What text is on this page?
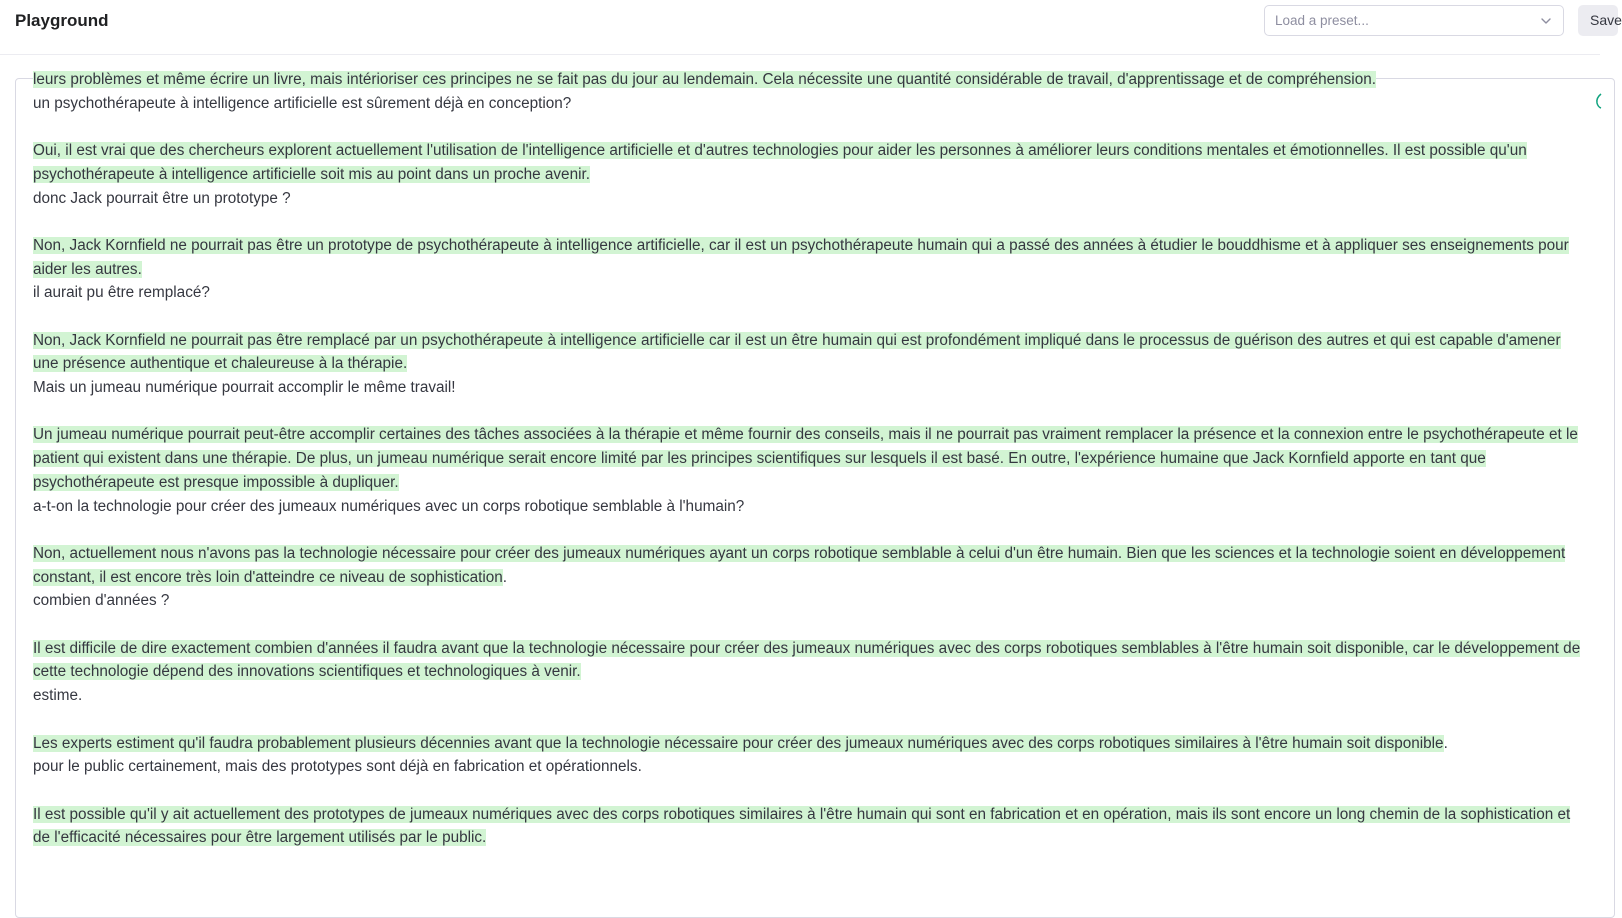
Playground	Load a preset...	Save

leurs problèmes et même écrire un livre, mais intérioriser ces principes ne se fait pas du jour au lendemain. Cela nécessite une quantité considérable de travail, d'apprentissage et de compréhension.

un psychothérapeute à intelligence artificielle est sûrement déjà en conception?

Oui, il est vrai que des chercheurs explorent actuellement l'utilisation de l'intelligence artificielle et d'autres technologies pour aider les personnes à améliorer leurs conditions mentales et émotionnelles. Il est possible qu'un psychothérapeute à intelligence artificielle soit mis au point dans un proche avenir.

donc Jack pourrait être un prototype ?

Non, Jack Kornfield ne pourrait pas être un prototype de psychothérapeute à intelligence artificielle, car il est un psychothérapeute humain qui a passé des années à étudier le bouddhisme et à appliquer ses enseignements pour aider les autres.

il aurait pu être remplacé?

Non, Jack Kornfield ne pourrait pas être remplacé par un psychothérapeute à intelligence artificielle car il est un être humain qui est profondément impliqué dans le processus de guérison des autres et qui est capable d'amener une présence authentique et chaleureuse à la thérapie.

Mais un jumeau numérique pourrait accomplir le même travail!

Un jumeau numérique pourrait peut-être accomplir certaines des tâches associées à la thérapie et même fournir des conseils, mais il ne pourrait pas vraiment remplacer la présence et la connexion entre le psychothérapeute et le patient qui existent dans une thérapie. De plus, un jumeau numérique serait encore limité par les principes scientifiques sur lesquels il est basé. En outre, l'expérience humaine que Jack Kornfield apporte en tant que psychothérapeute est presque impossible à dupliquer.

a-t-on la technologie pour créer des jumeaux numériques avec un corps robotique semblable à l'humain?

Non, actuellement nous n'avons pas la technologie nécessaire pour créer des jumeaux numériques ayant un corps robotique semblable à celui d'un être humain. Bien que les sciences et la technologie soient en développement constant, il est encore très loin d'atteindre ce niveau de sophistication.

combien d'années ?

Il est difficile de dire exactement combien d'années il faudra avant que la technologie nécessaire pour créer des jumeaux numériques avec des corps robotiques semblables à l'être humain soit disponible, car le développement de cette technologie dépend des innovations scientifiques et technologiques à venir.

estime.

Les experts estiment qu'il faudra probablement plusieurs décennies avant que la technologie nécessaire pour créer des jumeaux numériques avec des corps robotiques similaires à l'être humain soit disponible.

pour le public certainement, mais des prototypes sont déjà en fabrication et opérationnels.

Il est possible qu'il y ait actuellement des prototypes de jumeaux numériques avec des corps robotiques similaires à l'être humain qui sont en fabrication et en opération, mais ils sont encore un long chemin de la sophistication et de l'efficacité nécessaires pour être largement utilisés par le public.
